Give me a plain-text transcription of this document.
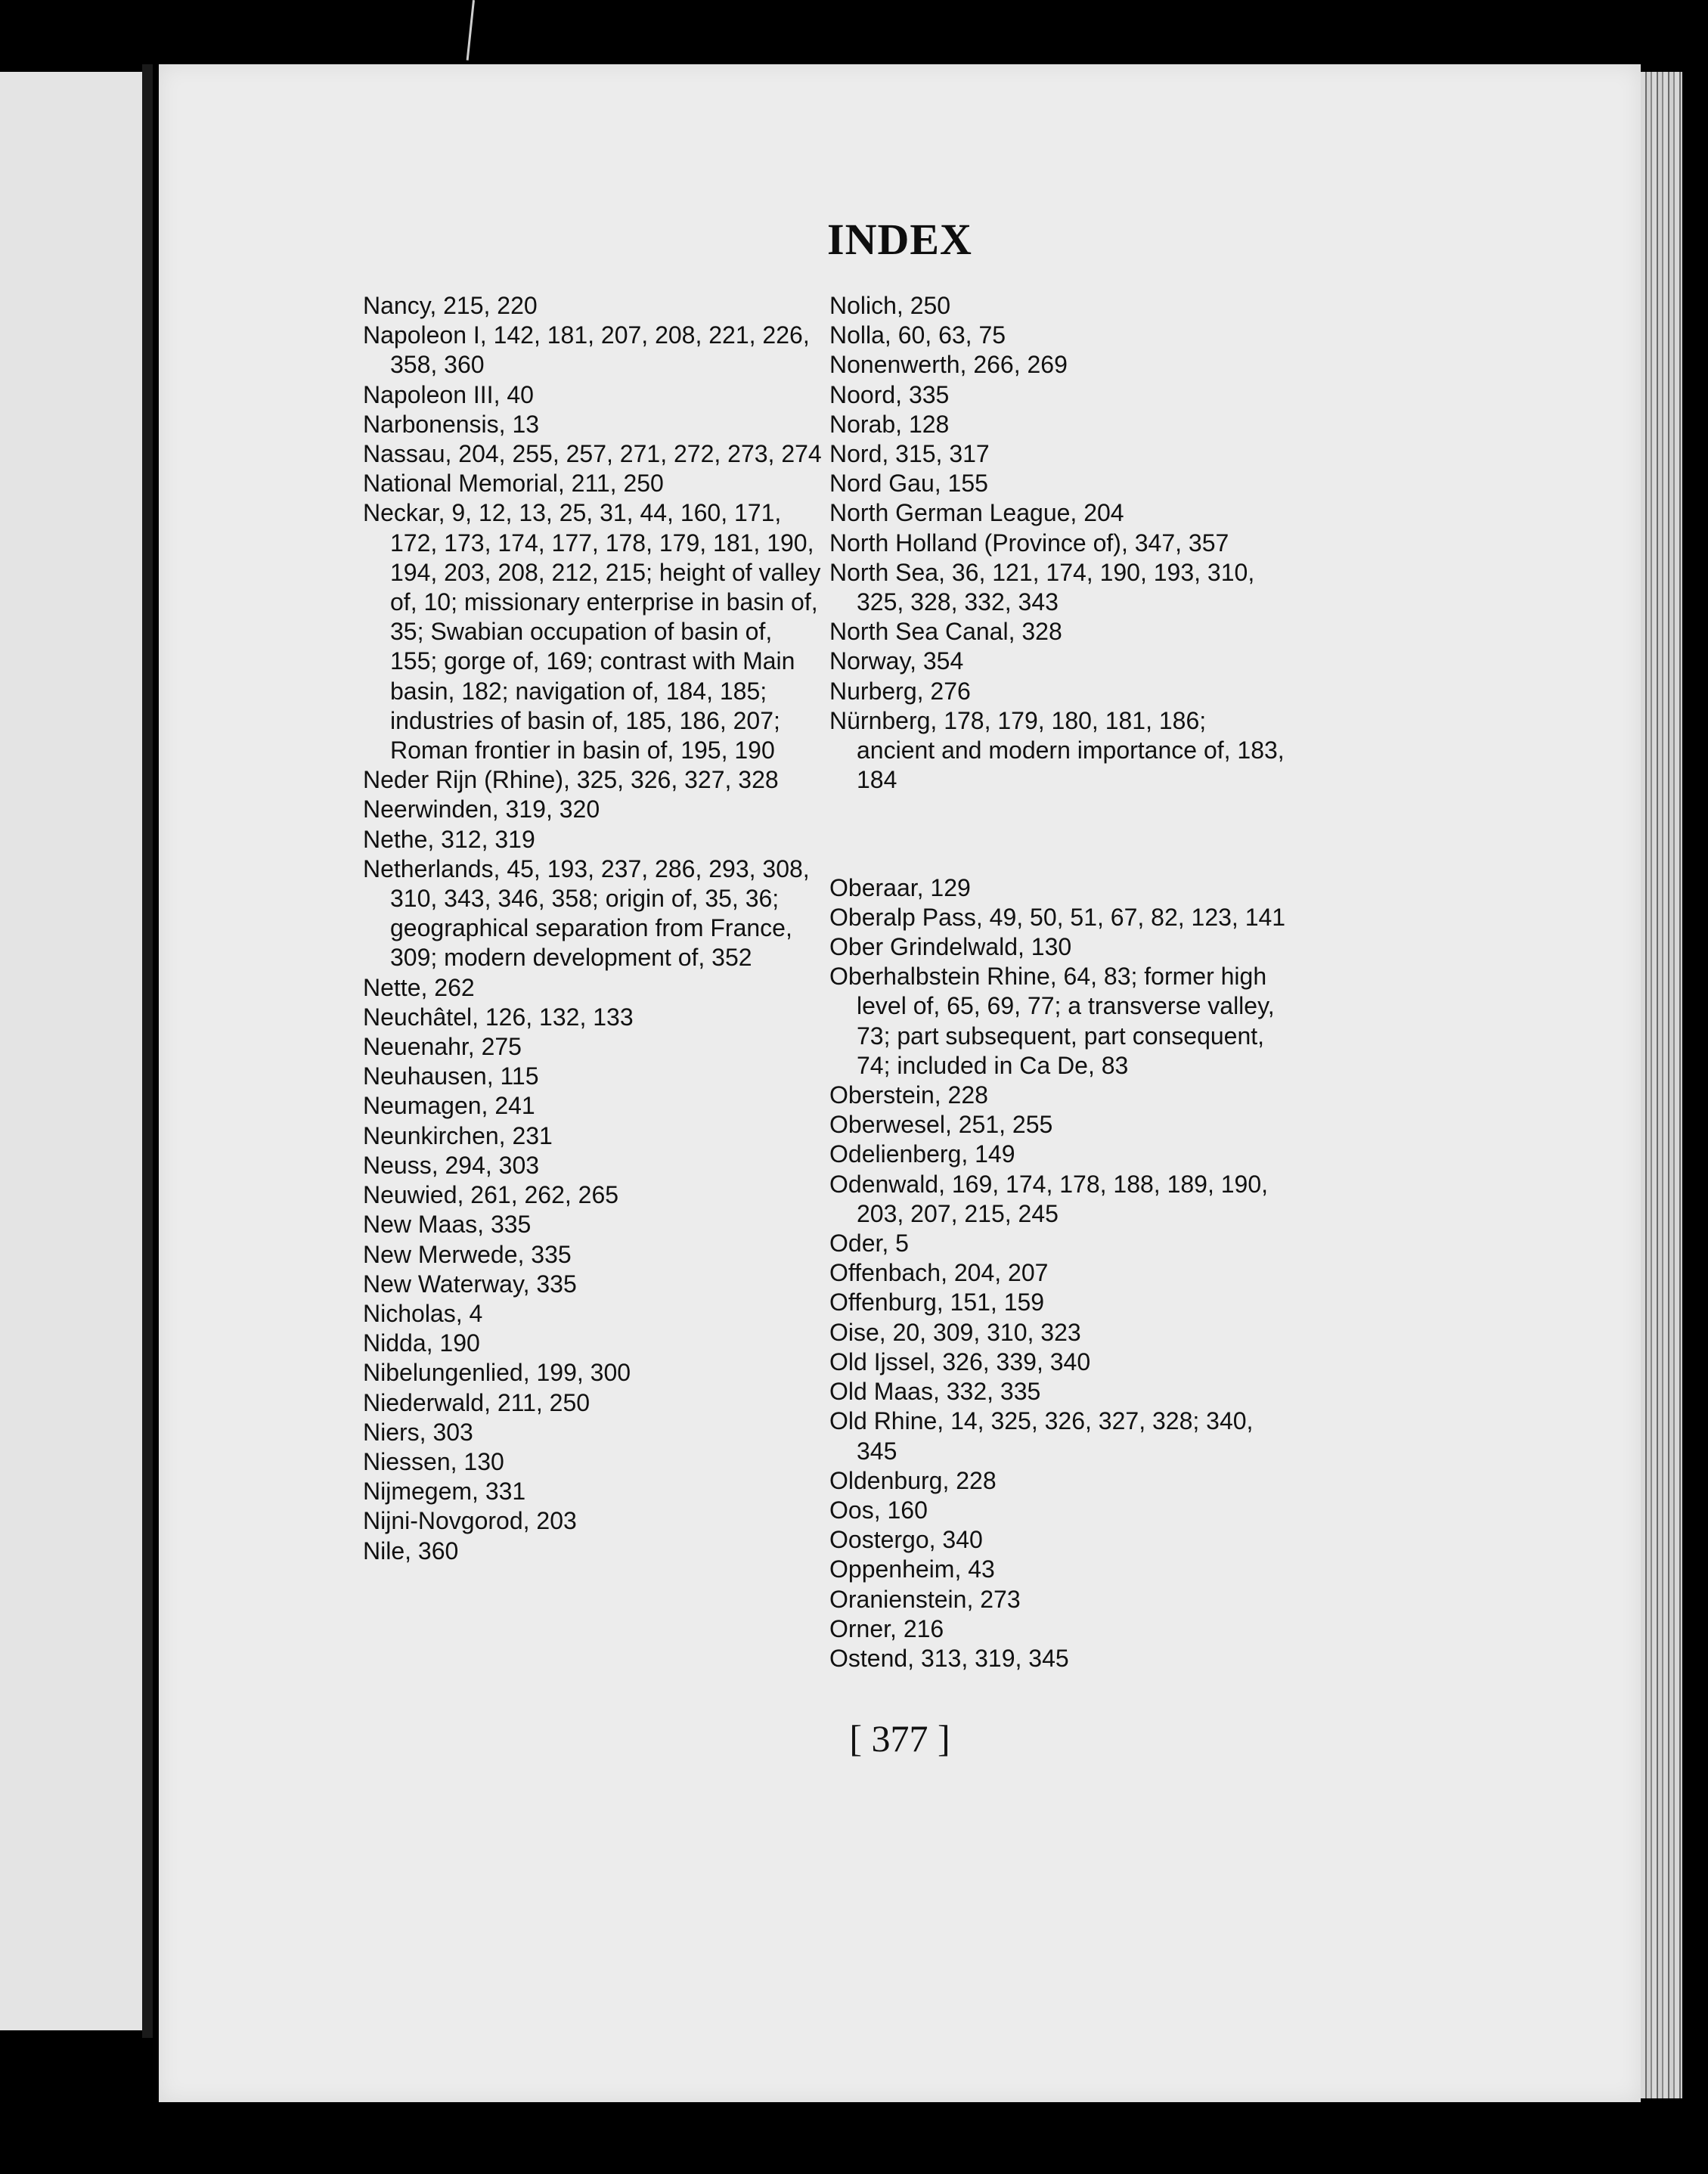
INDEX

Nancy, 215, 220

Napoleon I, 142, 181, 207, 208, 221, 226, 358, 360

Napoleon III, 40

Narbonensis, 13

Nassau, 204, 255, 257, 271, 272, 273, 274

National Memorial, 211, 250

Neckar, 9, 12, 13, 25, 31, 44, 160, 171, 172, 173, 174, 177, 178, 179, 181, 190, 194, 203, 208, 212, 215; height of valley of, 10; missionary enterprise in basin of, 35; Swabian occupation of basin of, 155; gorge of, 169; contrast with Main basin, 182; navigation of, 184, 185; industries of basin of, 185, 186, 207; Roman frontier in basin of, 195, 190

Neder Rijn (Rhine), 325, 326, 327, 328

Neerwinden, 319, 320

Nethe, 312, 319

Netherlands, 45, 193, 237, 286, 293, 308, 310, 343, 346, 358; origin of, 35, 36; geographical separation from France, 309; modern development of, 352

Nette, 262

Neuchâtel, 126, 132, 133

Neuenahr, 275

Neuhausen, 115

Neumagen, 241

Neunkirchen, 231

Neuss, 294, 303

Neuwied, 261, 262, 265

New Maas, 335

New Merwede, 335

New Waterway, 335

Nicholas, 4

Nidda, 190

Nibelungenlied, 199, 300

Niederwald, 211, 250

Niers, 303

Niessen, 130

Nijmegem, 331

Nijni-Novgorod, 203

Nile, 360

Nolich, 250

Nolla, 60, 63, 75

Nonenwerth, 266, 269

Noord, 335

Norab, 128

Nord, 315, 317

Nord Gau, 155

North German League, 204

North Holland (Province of), 347, 357

North Sea, 36, 121, 174, 190, 193, 310, 325, 328, 332, 343

North Sea Canal, 328

Norway, 354

Nurberg, 276

Nürnberg, 178, 179, 180, 181, 186; ancient and modern importance of, 183, 184

Oberaar, 129

Oberalp Pass, 49, 50, 51, 67, 82, 123, 141

Ober Grindelwald, 130

Oberhalbstein Rhine, 64, 83; former high level of, 65, 69, 77; a transverse valley, 73; part subsequent, part consequent, 74; included in Ca De, 83

Oberstein, 228

Oberwesel, 251, 255

Odelienberg, 149

Odenwald, 169, 174, 178, 188, 189, 190, 203, 207, 215, 245

Oder, 5

Offenbach, 204, 207

Offenburg, 151, 159

Oise, 20, 309, 310, 323

Old Ijssel, 326, 339, 340

Old Maas, 332, 335

Old Rhine, 14, 325, 326, 327, 328; 340, 345

Oldenburg, 228

Oos, 160

Oostergo, 340

Oppenheim, 43

Oranienstein, 273

Orner, 216

Ostend, 313, 319, 345

[ 377 ]
